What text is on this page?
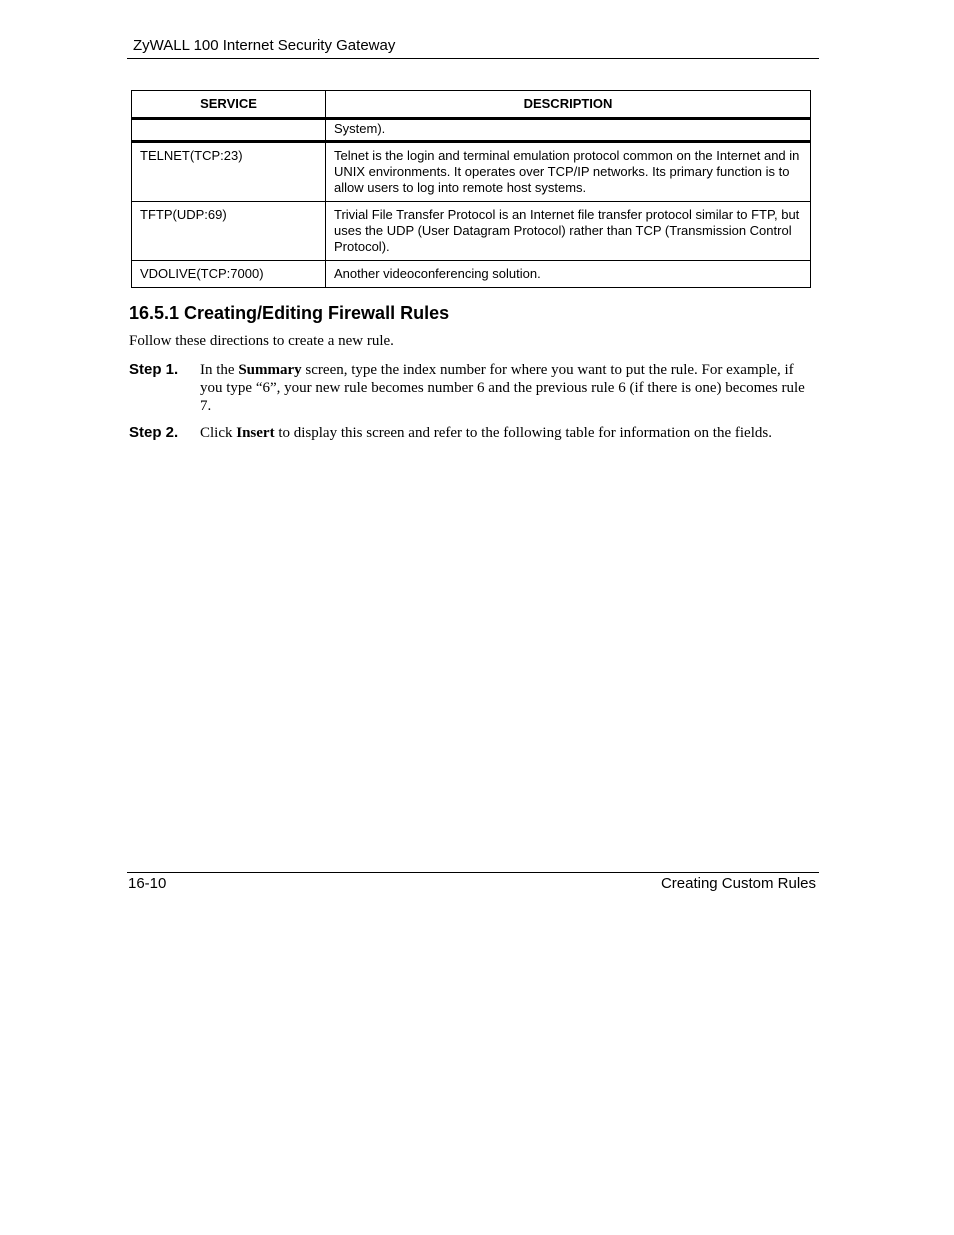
ZyWALL 100 Internet Security Gateway
SERVICE	DESCRIPTION
	System).
TELNET(TCP:23)	Telnet is the login and terminal emulation protocol common on the Internet and in UNIX environments. It operates over TCP/IP networks. Its primary function is to allow users to log into remote host systems.
TFTP(UDP:69)	Trivial File Transfer Protocol is an Internet file transfer protocol similar to FTP, but uses the UDP (User Datagram Protocol) rather than TCP (Transmission Control Protocol).
VDOLIVE(TCP:7000)	Another videoconferencing solution.
16.5.1 Creating/Editing Firewall Rules
Follow these directions to create a new rule.
Step 1. In the Summary screen, type the index number for where you want to put the rule. For example, if you type “6”, your new rule becomes number 6 and the previous rule 6 (if there is one) becomes rule 7.
Step 2. Click Insert to display this screen and refer to the following table for information on the fields.
16-10	Creating Custom Rules
